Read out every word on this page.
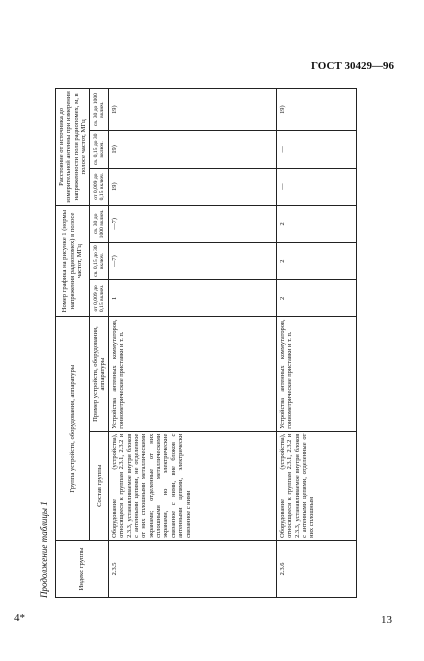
ГОСТ 30429—96
Продолжение таблицы 1	Индекс группы	Группа устройств, оборудования, аппаратуры		Номер графика на рисунке 1 (нормы напряжения радиопомех) в полосе частот, МГц			Расстояние от источника до измерительной антенны при измерении напряженности поля радиопомех, м, в полосе частот, МГц		
	Состав группы	Пример устройств, оборудования, аппаратуры	от 0,009 до 0,15 включ.	св. 0,15 до 30 включ.	св. 30 до 1000 включ.	от 0,009 до 0,15 включ.	св. 0,15 до 30 включ.	св. 30 до 1000 включ.
2.3.5	Оборудование (устройства), относящееся к группам 2.3.1, 2.3.2 и 2.3.3, устанавливаемое внутри блоков с антенными цепями, не отделенное от них сплошными металлическими экранами; отделенные от них сплошными металлическими экранами, но электрические связанное с ними, вне блоков с антенными цепями, электрически связанное с ними	Устройства антенных коммутаторов, гониометрические приставки и т. п.	1	—7)	—7)	19)	19)	19)
2.3.6	Оборудование (устройства), относящееся к группам 2.3.1, 2.3.2 и 2.3.3, устанавливаемое внутри блоков с антенными цепями, отделенные от них сплошным	Устройства антенных коммутаторов, гониометрические приставки и т. п.	2	2	2	—	—	19)
4*	13
